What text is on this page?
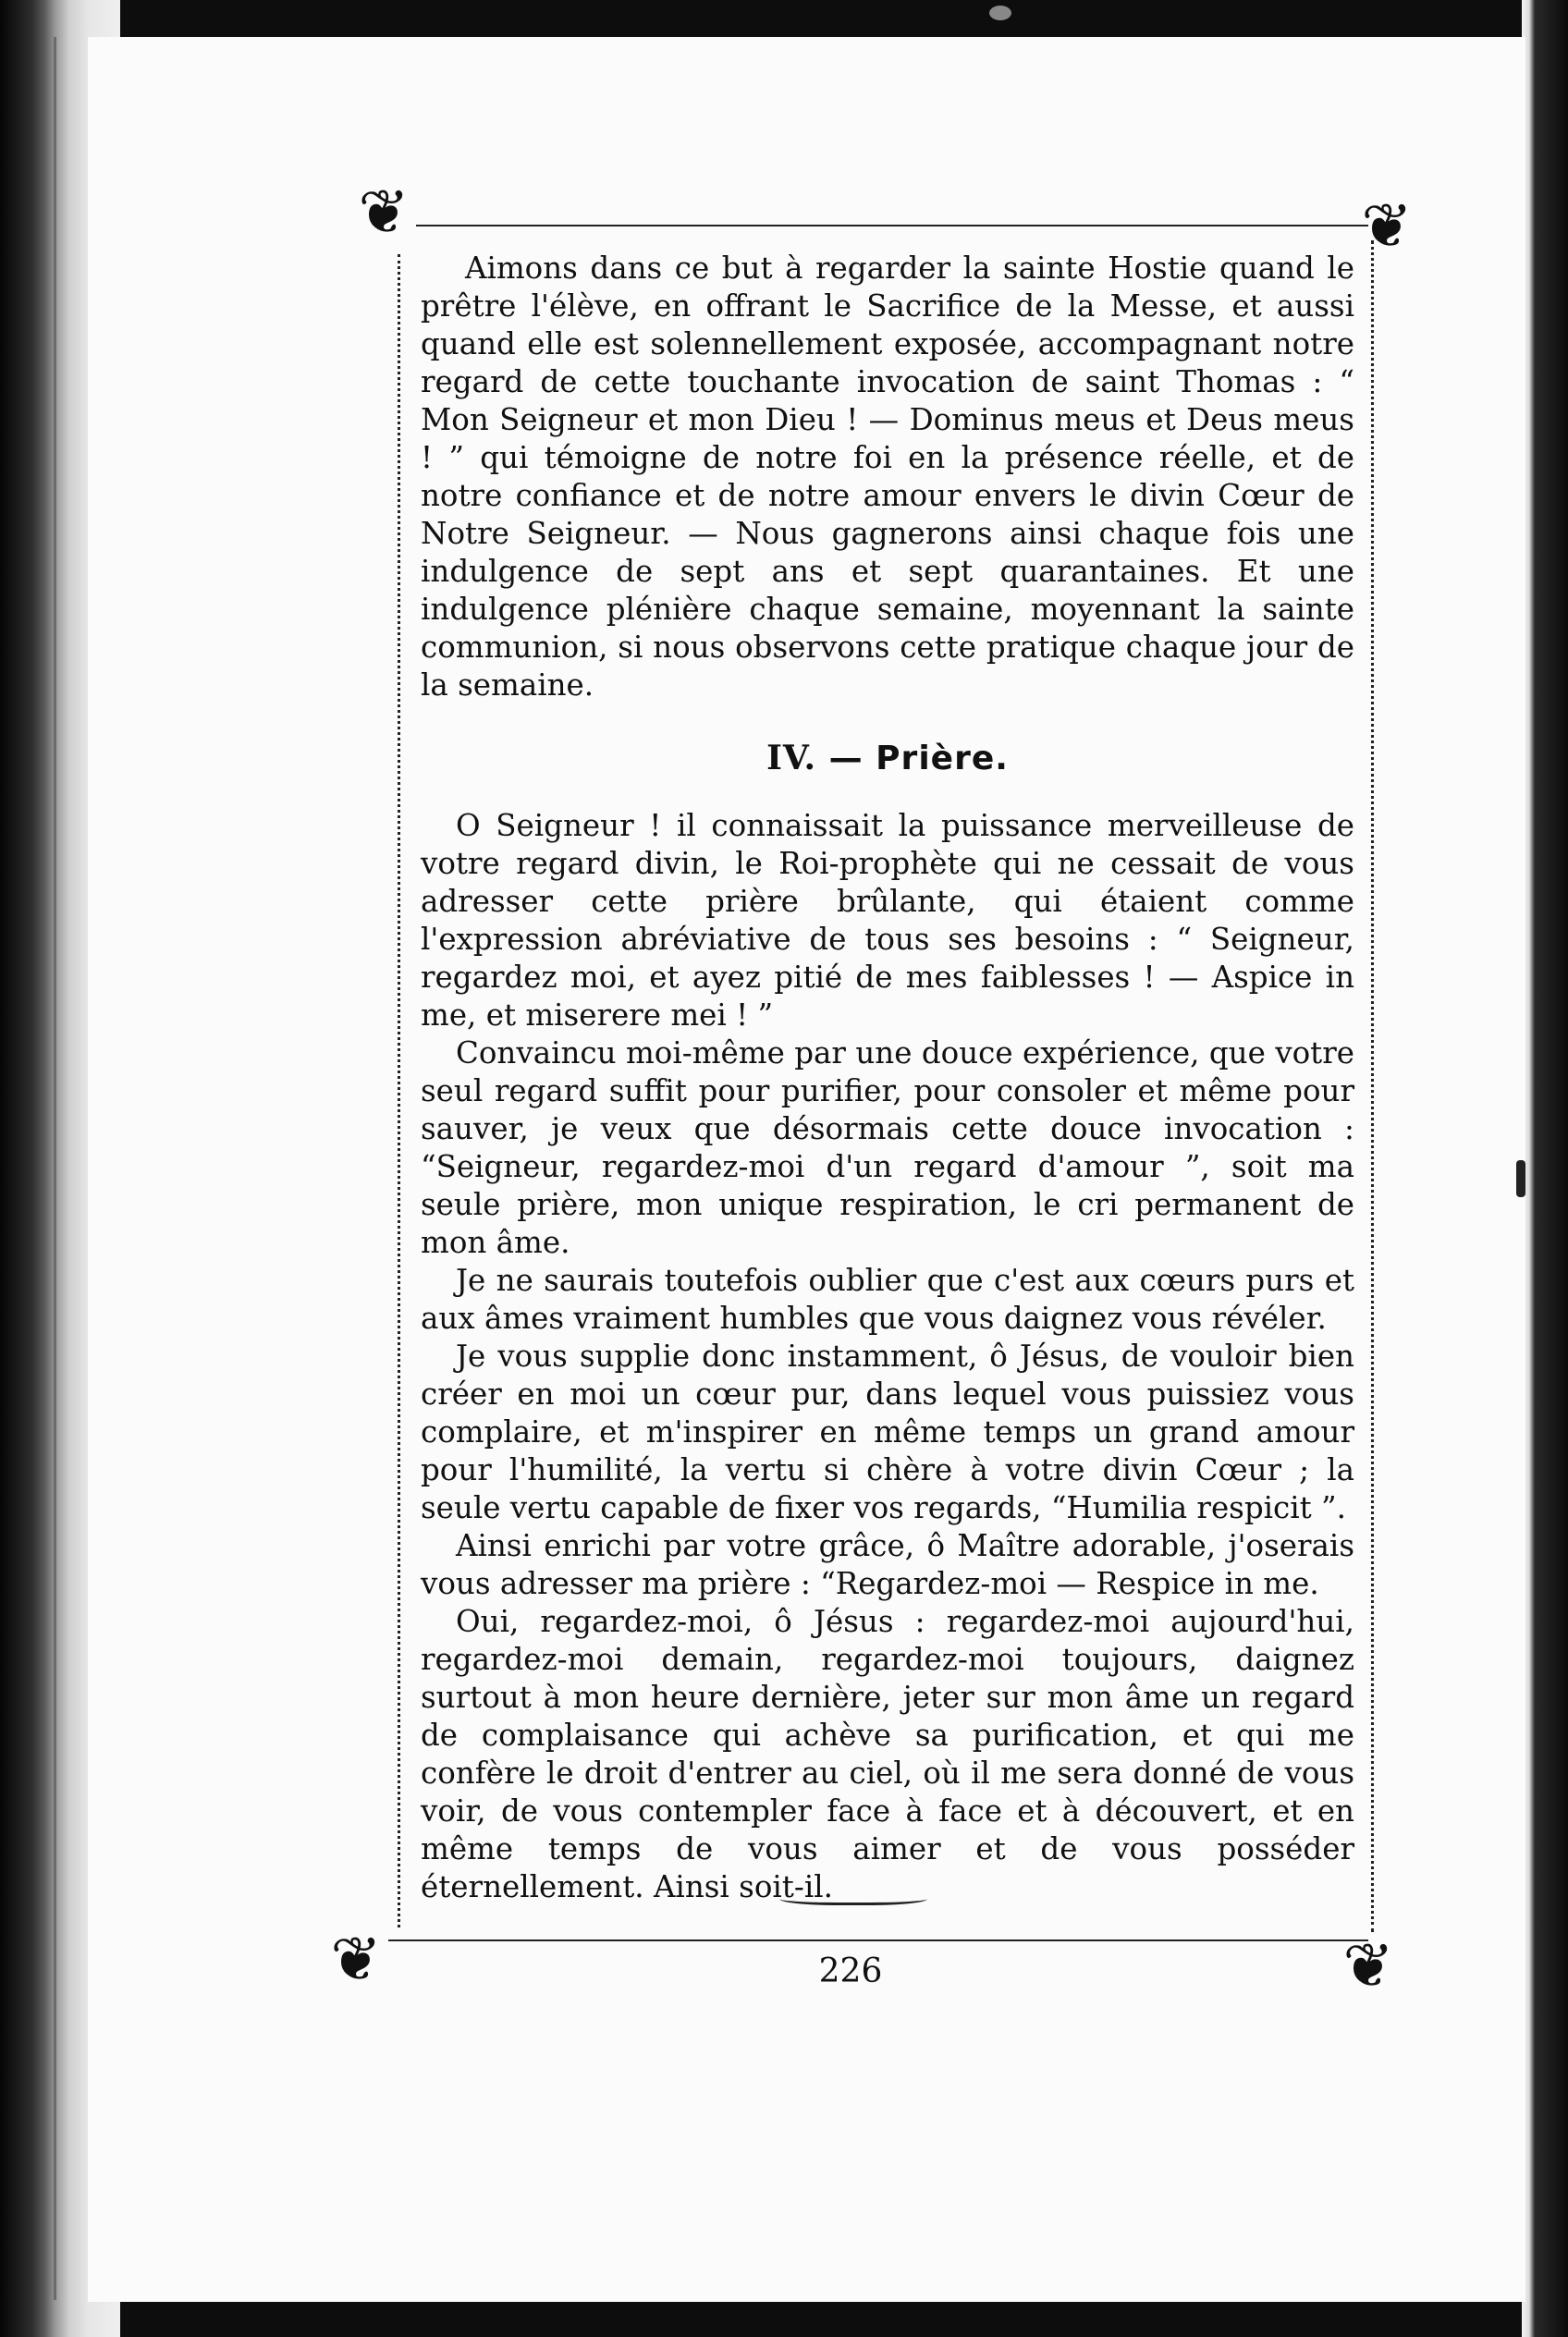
❦	❦
❦	❦

Aimons dans ce but à regarder la sainte Hostie quand le prêtre l'élève, en offrant le Sacrifice de la Messe, et aussi quand elle est solennellement exposée, accompagnant notre regard de cette touchante invocation de saint Thomas : “ Mon Seigneur et mon Dieu ! — Dominus meus et Deus meus ! ” qui témoigne de notre foi en la présence réelle, et de notre confiance et de notre amour envers le divin Cœur de Notre Seigneur. — Nous gagnerons ainsi chaque fois une indulgence de sept ans et sept quarantaines. Et une indulgence plénière chaque semaine, moyennant la sainte communion, si nous observons cette pratique chaque jour de la semaine.

IV. — Prière.

O Seigneur ! il connaissait la puissance merveilleuse de votre regard divin, le Roi-prophète qui ne cessait de vous adresser cette prière brûlante, qui étaient comme l'expression abréviative de tous ses besoins : “ Seigneur, regardez moi, et ayez pitié de mes faiblesses ! — Aspice in me, et miserere mei ! ”

Convaincu moi-même par une douce expérience, que votre seul regard suffit pour purifier, pour consoler et même pour sauver, je veux que désormais cette douce invocation : “Seigneur, regardez-moi d'un regard d'amour ”, soit ma seule prière, mon unique respiration, le cri permanent de mon âme.

Je ne saurais toutefois oublier que c'est aux cœurs purs et aux âmes vraiment humbles que vous daignez vous révéler.

Je vous supplie donc instamment, ô Jésus, de vouloir bien créer en moi un cœur pur, dans lequel vous puissiez vous complaire, et m'inspirer en même temps un grand amour pour l'humilité, la vertu si chère à votre divin Cœur ; la seule vertu capable de fixer vos regards, “Humilia respicit ”.

Ainsi enrichi par votre grâce, ô Maître adorable, j'oserais vous adresser ma prière : “Regardez-moi — Respice in me.

Oui, regardez-moi, ô Jésus : regardez-moi aujourd'hui, regardez-moi demain, regardez-moi toujours, daignez surtout à mon heure dernière, jeter sur mon âme un regard de complaisance qui achève sa purification, et qui me confère le droit d'entrer au ciel, où il me sera donné de vous voir, de vous contempler face à face et à découvert, et en même temps de vous aimer et de vous posséder éternellement. Ainsi soit-il.

226
